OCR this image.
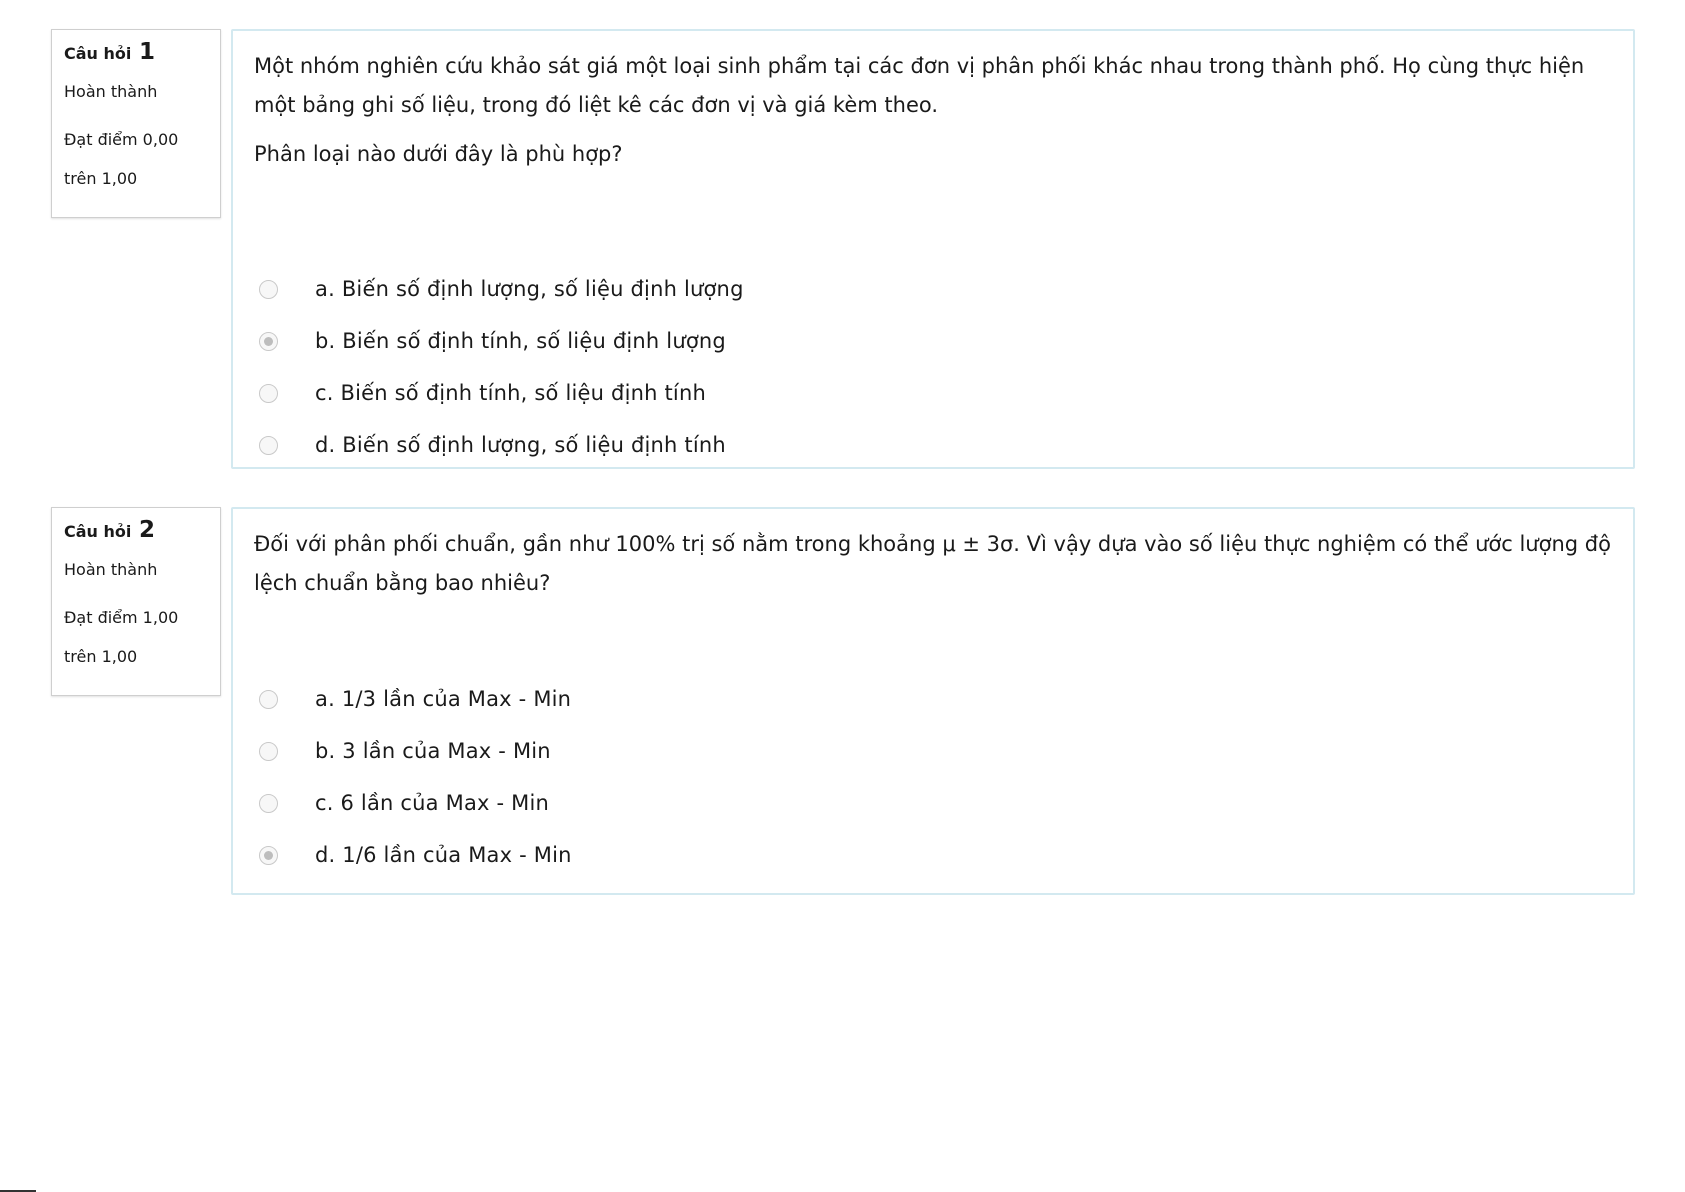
Câu hỏi 1
Hoàn thành
Đạt điểm 0,00
trên 1,00

Một nhóm nghiên cứu khảo sát giá một loại sinh phẩm tại các đơn vị phân phối khác nhau trong thành phố. Họ cùng thực hiện một bảng ghi số liệu, trong đó liệt kê các đơn vị và giá kèm theo.

Phân loại nào dưới đây là phù hợp?

a. Biến số định lượng, số liệu định lượng
b. Biến số định tính, số liệu định lượng
c. Biến số định tính, số liệu định tính
d. Biến số định lượng, số liệu định tính
Câu hỏi 2
Hoàn thành
Đạt điểm 1,00
trên 1,00

Đối với phân phối chuẩn, gần như 100% trị số nằm trong khoảng μ ± 3σ. Vì vậy dựa vào số liệu thực nghiệm có thể ước lượng độ lệch chuẩn bằng bao nhiêu?

a. 1/3 lần của Max - Min
b. 3 lần của Max - Min
c. 6 lần của Max - Min
d. 1/6 lần của Max - Min
